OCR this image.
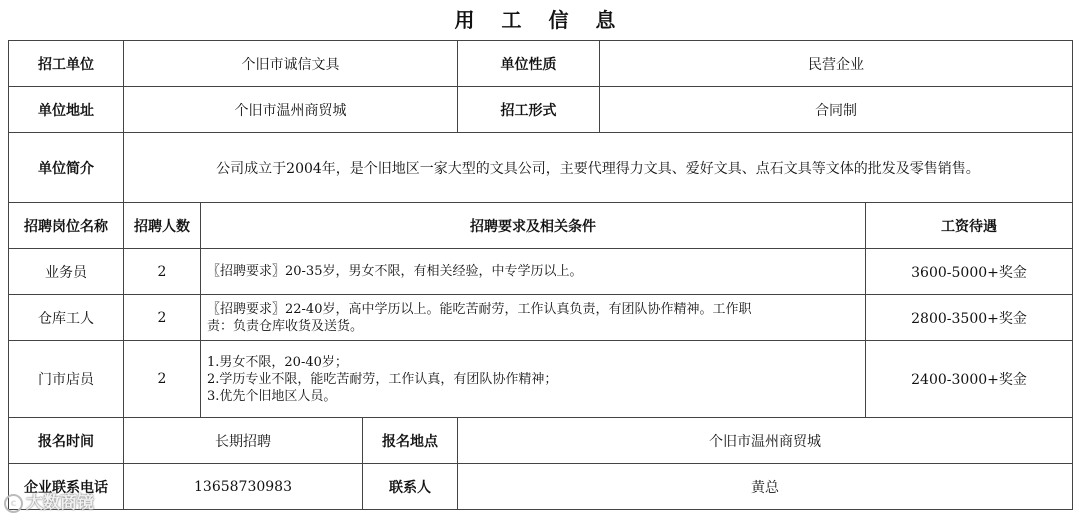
用 工 信 息
招工单位	个旧市诚信文具			单位性质	民营企业	
单位地址	个旧市温州商贸城			招工形式	合同制	
单位简介	公司成立于2004年，是个旧地区一家大型的文具公司，主要代理得力文具、爱好文具、点石文具等文体的批发及零售销售。					
招聘岗位名称	招聘人数	招聘要求及相关条件				工资待遇
业务员	2	〖招聘要求〗20-35岁，男女不限，有相关经验，中专学历以上。				3600-5000+奖金
仓库工人	2	〖招聘要求〗22-40岁，高中学历以上。能吃苦耐劳，工作认真负责，有团队协作精神。工作职
责：负责仓库收货及送货。				2800-3500+奖金
门市店员	2	1.男女不限，20-40岁；
2.学历专业不限，能吃苦耐劳，工作认真，有团队协作精神；
3.优先个旧地区人员。				2400-3000+奖金
报名时间	长期招聘		报名地点	个旧市温州商贸城		
企业联系电话	13658730983		联系人	黄总		
c 大数商镜
